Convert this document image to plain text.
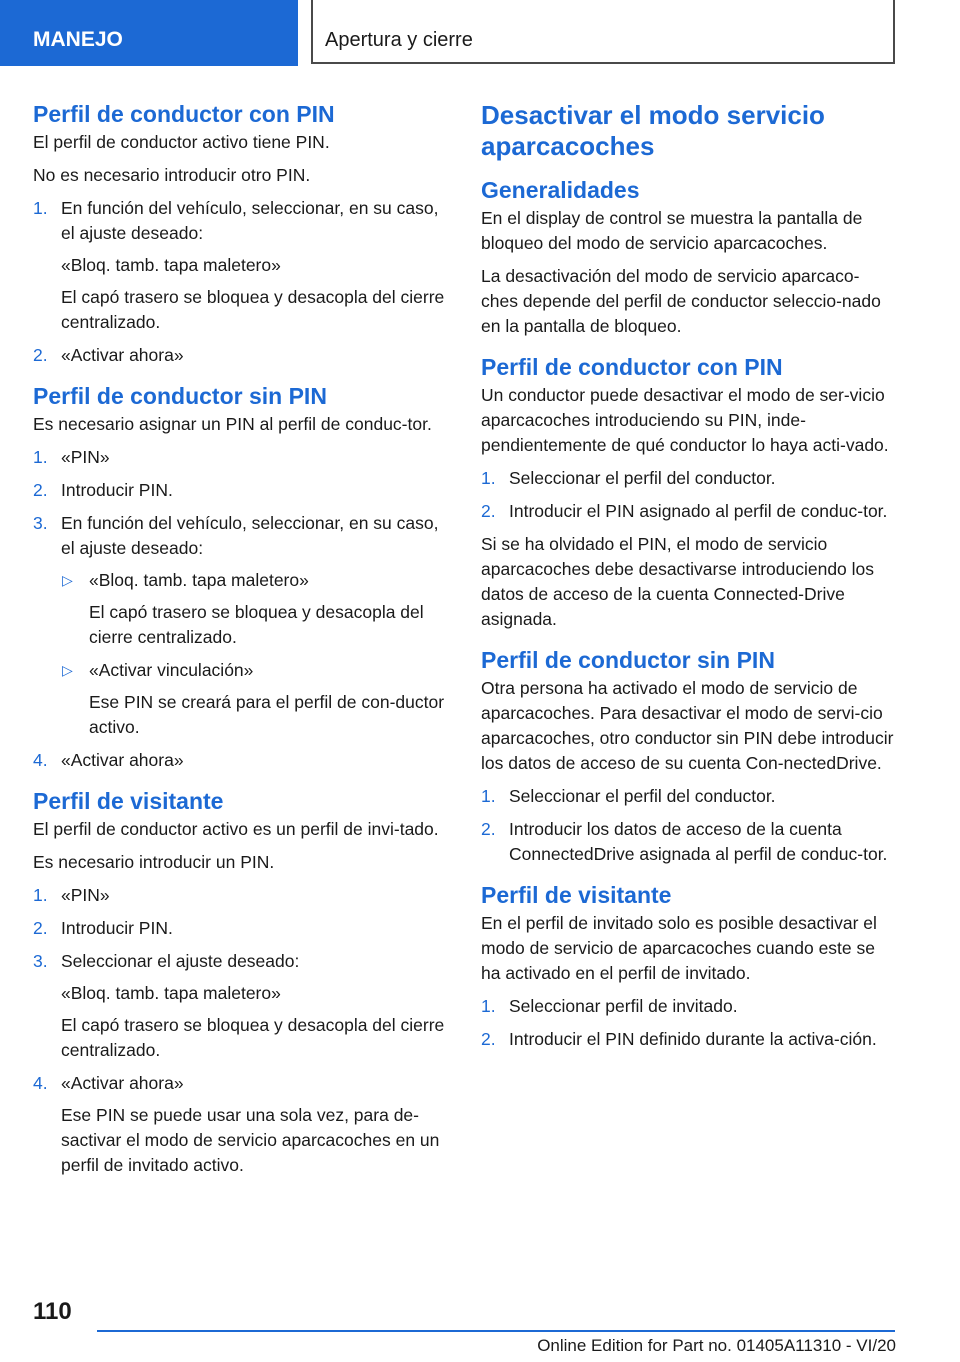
MANEJO	Apertura y cierre
Perfil de conductor con PIN

El perfil de conductor activo tiene PIN.

No es necesario introducir otro PIN.

1. En función del vehículo, seleccionar, en su caso, el ajuste deseado:
«Bloq. tamb. tapa maletero»
El capó trasero se bloquea y desacopla del cierre centralizado.
2. «Activar ahora»
Perfil de conductor sin PIN

Es necesario asignar un PIN al perfil de conduc-tor.

1. «PIN»
2. Introducir PIN.
3. En función del vehículo, seleccionar, en su caso, el ajuste deseado:
▷ «Bloq. tamb. tapa maletero»
El capó trasero se bloquea y desacopla del cierre centralizado.
▷ «Activar vinculación»
Ese PIN se creará para el perfil de con-ductor activo.
4. «Activar ahora»
Perfil de visitante

El perfil de conductor activo es un perfil de invi-tado.

Es necesario introducir un PIN.

1. «PIN»
2. Introducir PIN.
3. Seleccionar el ajuste deseado:
«Bloq. tamb. tapa maletero»
El capó trasero se bloquea y desacopla del cierre centralizado.
4. «Activar ahora»
Ese PIN se puede usar una sola vez, para de-sactivar el modo de servicio aparcacoches en un perfil de invitado activo.
Desactivar el modo servicio aparcacoches
Generalidades

En el display de control se muestra la pantalla de bloqueo del modo de servicio aparcacoches.

La desactivación del modo de servicio aparcaco-ches depende del perfil de conductor seleccio-nado en la pantalla de bloqueo.

Perfil de conductor con PIN

Un conductor puede desactivar el modo de ser-vicio aparcacoches introduciendo su PIN, inde-pendientemente de qué conductor lo haya acti-vado.

1. Seleccionar el perfil del conductor.
2. Introducir el PIN asignado al perfil de conduc-tor.

Si se ha olvidado el PIN, el modo de servicio aparcacoches debe desactivarse introduciendo los datos de acceso de la cuenta Connected-Drive asignada.

Perfil de conductor sin PIN

Otra persona ha activado el modo de servicio de aparcacoches. Para desactivar el modo de servi-cio aparcacoches, otro conductor sin PIN debe introducir los datos de acceso de su cuenta Con-nectedDrive.

1. Seleccionar el perfil del conductor.
2. Introducir los datos de acceso de la cuenta ConnectedDrive asignada al perfil de conduc-tor.
Perfil de visitante

En el perfil de invitado solo es posible desactivar el modo de servicio de aparcacoches cuando este se ha activado en el perfil de invitado.

1. Seleccionar perfil de invitado.
2. Introducir el PIN definido durante la activa-ción.
110
Online Edition for Part no. 01405A11310 - VI/20
